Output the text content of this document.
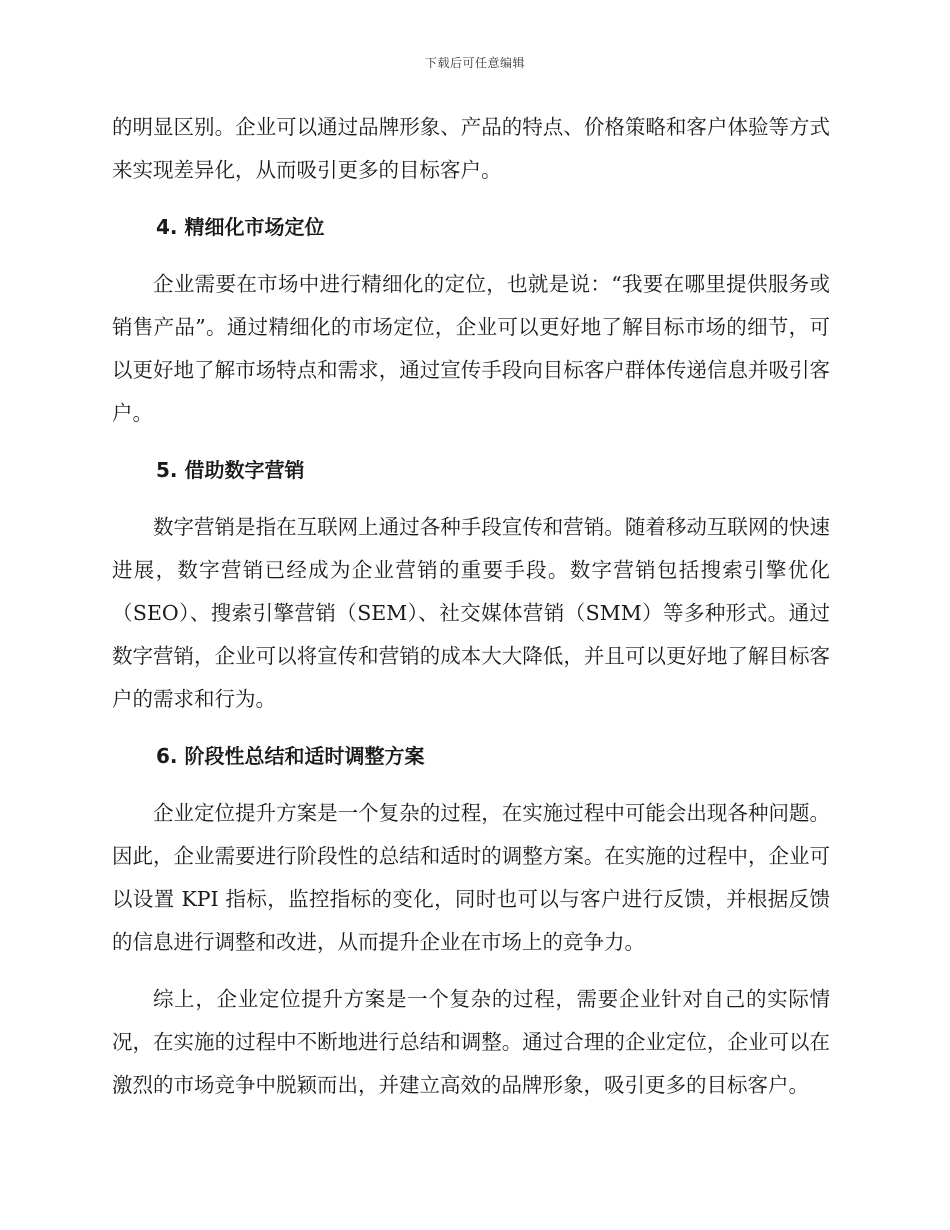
下载后可任意编辑

的明显区别。企业可以通过品牌形象、产品的特点、价格策略和客户体验等方式来实现差异化，从而吸引更多的目标客户。

4. 精细化市场定位

企业需要在市场中进行精细化的定位，也就是说：“我要在哪里提供服务或销售产品”。通过精细化的市场定位，企业可以更好地了解目标市场的细节，可以更好地了解市场特点和需求，通过宣传手段向目标客户群体传递信息并吸引客户。

5. 借助数字营销

数字营销是指在互联网上通过各种手段宣传和营销。随着移动互联网的快速进展，数字营销已经成为企业营销的重要手段。数字营销包括搜索引擎优化（SEO）、搜索引擎营销（SEM）、社交媒体营销（SMM）等多种形式。通过数字营销，企业可以将宣传和营销的成本大大降低，并且可以更好地了解目标客户的需求和行为。

6. 阶段性总结和适时调整方案

企业定位提升方案是一个复杂的过程，在实施过程中可能会出现各种问题。因此，企业需要进行阶段性的总结和适时的调整方案。在实施的过程中，企业可以设置 KPI 指标，监控指标的变化，同时也可以与客户进行反馈，并根据反馈的信息进行调整和改进，从而提升企业在市场上的竞争力。

综上，企业定位提升方案是一个复杂的过程，需要企业针对自己的实际情况，在实施的过程中不断地进行总结和调整。通过合理的企业定位，企业可以在激烈的市场竞争中脱颖而出，并建立高效的品牌形象，吸引更多的目标客户。
